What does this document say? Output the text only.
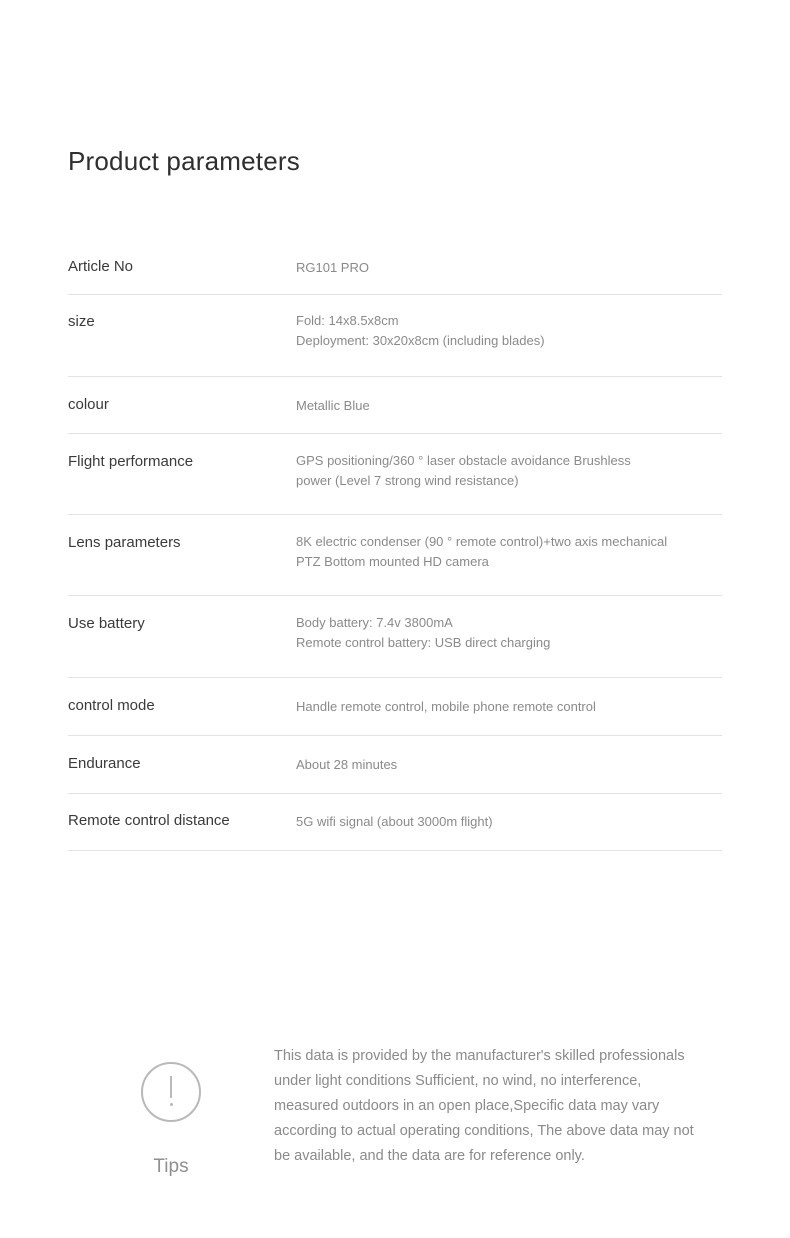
Product parameters
Article No	RG101 PRO
size	Fold: 14x8.5x8cm
Deployment: 30x20x8cm (including blades)
colour	Metallic Blue
Flight performance	GPS positioning/360 ° laser obstacle avoidance Brushless
power (Level 7 strong wind resistance)
Lens parameters	8K electric condenser (90 ° remote control)+two axis mechanical
PTZ Bottom mounted HD camera
Use battery	Body battery: 7.4v 3800mA
Remote control battery: USB direct charging
control mode	Handle remote control, mobile phone remote control
Endurance	About 28 minutes
Remote control distance	5G wifi signal (about 3000m flight)
Tips
This data is provided by the manufacturer's skilled professionals under light conditions Sufficient, no wind, no interference, measured outdoors in an open place,Specific data may vary according to actual operating conditions, The above data may not be available, and the data are for reference only.
